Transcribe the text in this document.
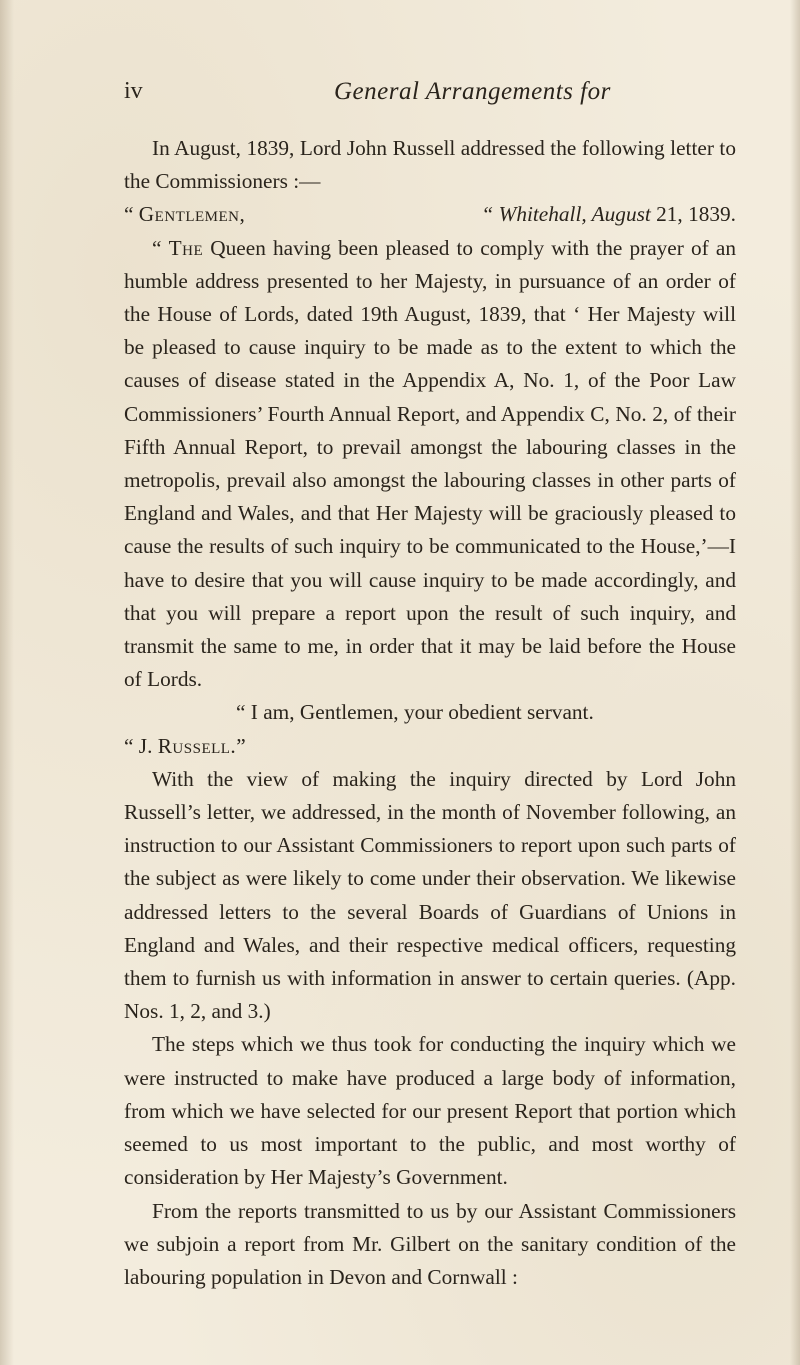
iv	General Arrangements for

In August, 1839, Lord John Russell addressed the following letter to the Commissioners :—

“ Gentlemen,	“ Whitehall, August 21, 1839.

“ The Queen having been pleased to comply with the prayer of an humble address presented to her Majesty, in pursuance of an order of the House of Lords, dated 19th August, 1839, that ‘ Her Majesty will be pleased to cause inquiry to be made as to the extent to which the causes of disease stated in the Appendix A, No. 1, of the Poor Law Commissioners’ Fourth Annual Report, and Appendix C, No. 2, of their Fifth Annual Report, to prevail amongst the labouring classes in the metropolis, prevail also amongst the labouring classes in other parts of England and Wales, and that Her Majesty will be graciously pleased to cause the results of such inquiry to be communicated to the House,’—I have to desire that you will cause inquiry to be made accordingly, and that you will prepare a report upon the result of such inquiry, and transmit the same to me, in order that it may be laid before the House of Lords.

“ I am, Gentlemen, your obedient servant.

“ J. Russell.”

With the view of making the inquiry directed by Lord John Russell’s letter, we addressed, in the month of November following, an instruction to our Assistant Commissioners to report upon such parts of the subject as were likely to come under their observation. We likewise addressed letters to the several Boards of Guardians of Unions in England and Wales, and their respective medical officers, requesting them to furnish us with information in answer to certain queries. (App. Nos. 1, 2, and 3.)

The steps which we thus took for conducting the inquiry which we were instructed to make have produced a large body of information, from which we have selected for our present Report that portion which seemed to us most important to the public, and most worthy of consideration by Her Majesty’s Government.

From the reports transmitted to us by our Assistant Commissioners we subjoin a report from Mr. Gilbert on the sanitary condition of the labouring population in Devon and Cornwall :
